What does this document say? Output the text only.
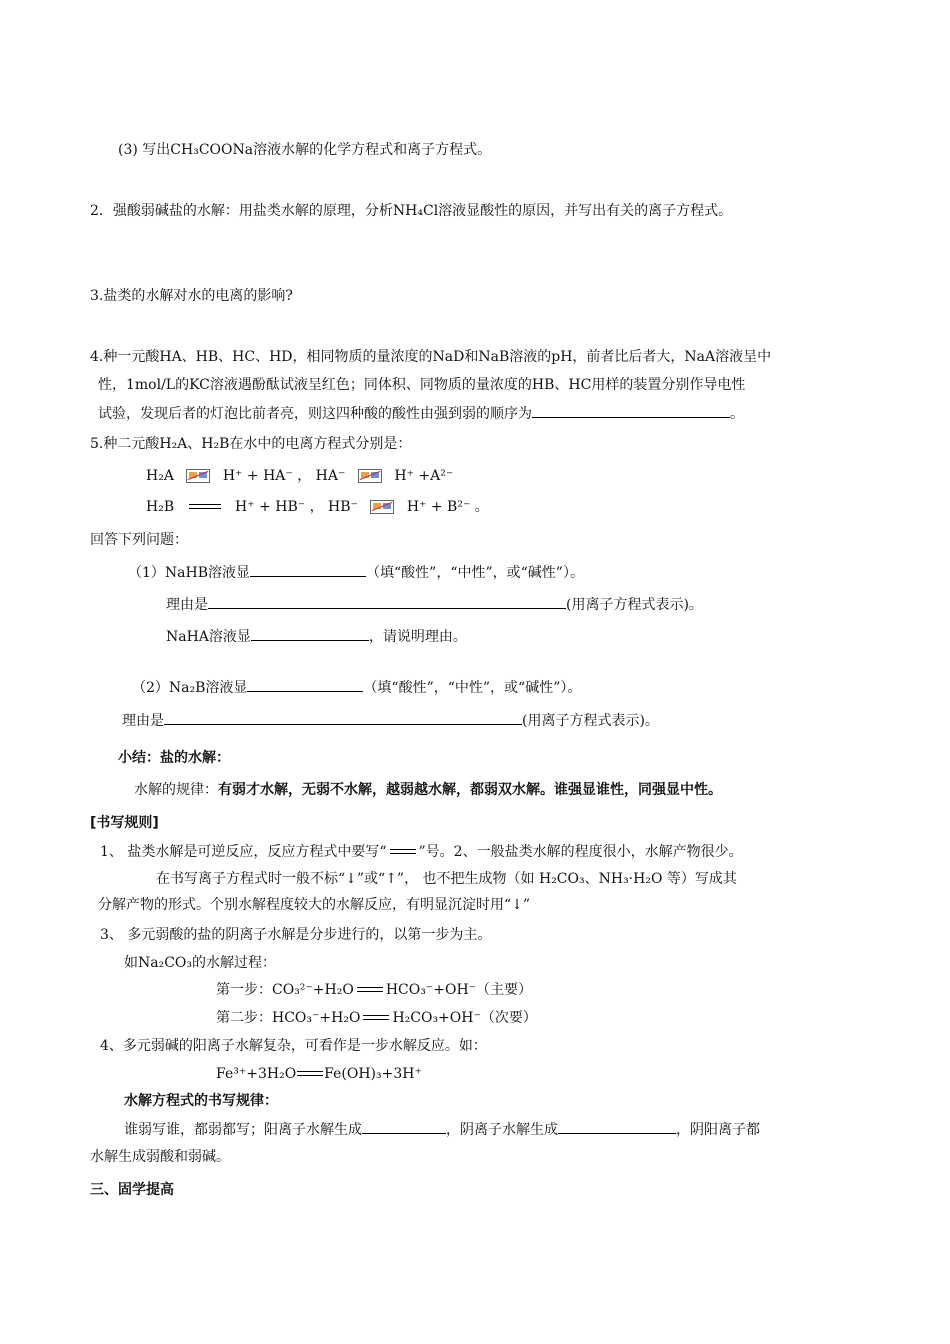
(3) 写出CH₃COONa溶液水解的化学方程式和离子方程式。
2．强酸弱碱盐的水解：用盐类水解的原理，分析NH₄Cl溶液显酸性的原因，并写出有关的离子方程式。
3.盐类的水解对水的电离的影响?
4.种一元酸HA、HB、HC、HD，相同物质的量浓度的NaD和NaB溶液的pH，前者比后者大，NaA溶液呈中
性，1mol/L的KC溶液遇酚酞试液呈红色；同体积、同物质的量浓度的HB、HC用样的装置分别作导电性
试验，发现后者的灯泡比前者亮，则这四种酸的酸性由强到弱的顺序为	。
5.种二元酸H₂A、H₂B在水中的电离方程式分别是：
H₂A	H⁺ + HA⁻ ， HA⁻	H⁺ +A²⁻
H₂B	H⁺ + HB⁻ ， HB⁻	H⁺ + B²⁻ 。
回答下列问题：
（1）NaHB溶液显	（填“酸性”，“中性”，或“碱性”）。
理由是	(用离子方程式表示)。
NaHA溶液显	，请说明理由。
（2）Na₂B溶液显	（填“酸性”，“中性”，或“碱性”）。
理由是	(用离子方程式表示)。
小结：盐的水解：
水解的规律：有弱才水解，无弱不水解，越弱越水解，都弱双水解。谁强显谁性，同强显中性。
[书写规则]
1、 盐类水解是可逆反应，反应方程式中要写“ ”号。2、一般盐类水解的程度很小，水解产物很少。
在书写离子方程式时一般不标“↓”或“↑”， 也不把生成物（如 H₂CO₃、NH₃·H₂O 等）写成其
分解产物的形式。个别水解程度较大的水解反应，有明显沉淀时用“↓”
3、 多元弱酸的盐的阴离子水解是分步进行的，以第一步为主。
如Na₂CO₃的水解过程：
第一步：CO₃²⁻+H₂O HCO₃⁻+OH⁻（主要）
第二步：HCO₃⁻+H₂O H₂CO₃+OH⁻（次要）
4、多元弱碱的阳离子水解复杂，可看作是一步水解反应。如：
Fe³⁺+3H₂O Fe(OH)₃+3H⁺
水解方程式的书写规律：
谁弱写谁，都弱都写；阳离子水解生成	，阴离子水解生成	，阴阳离子都
水解生成弱酸和弱碱。
三、固学提高
